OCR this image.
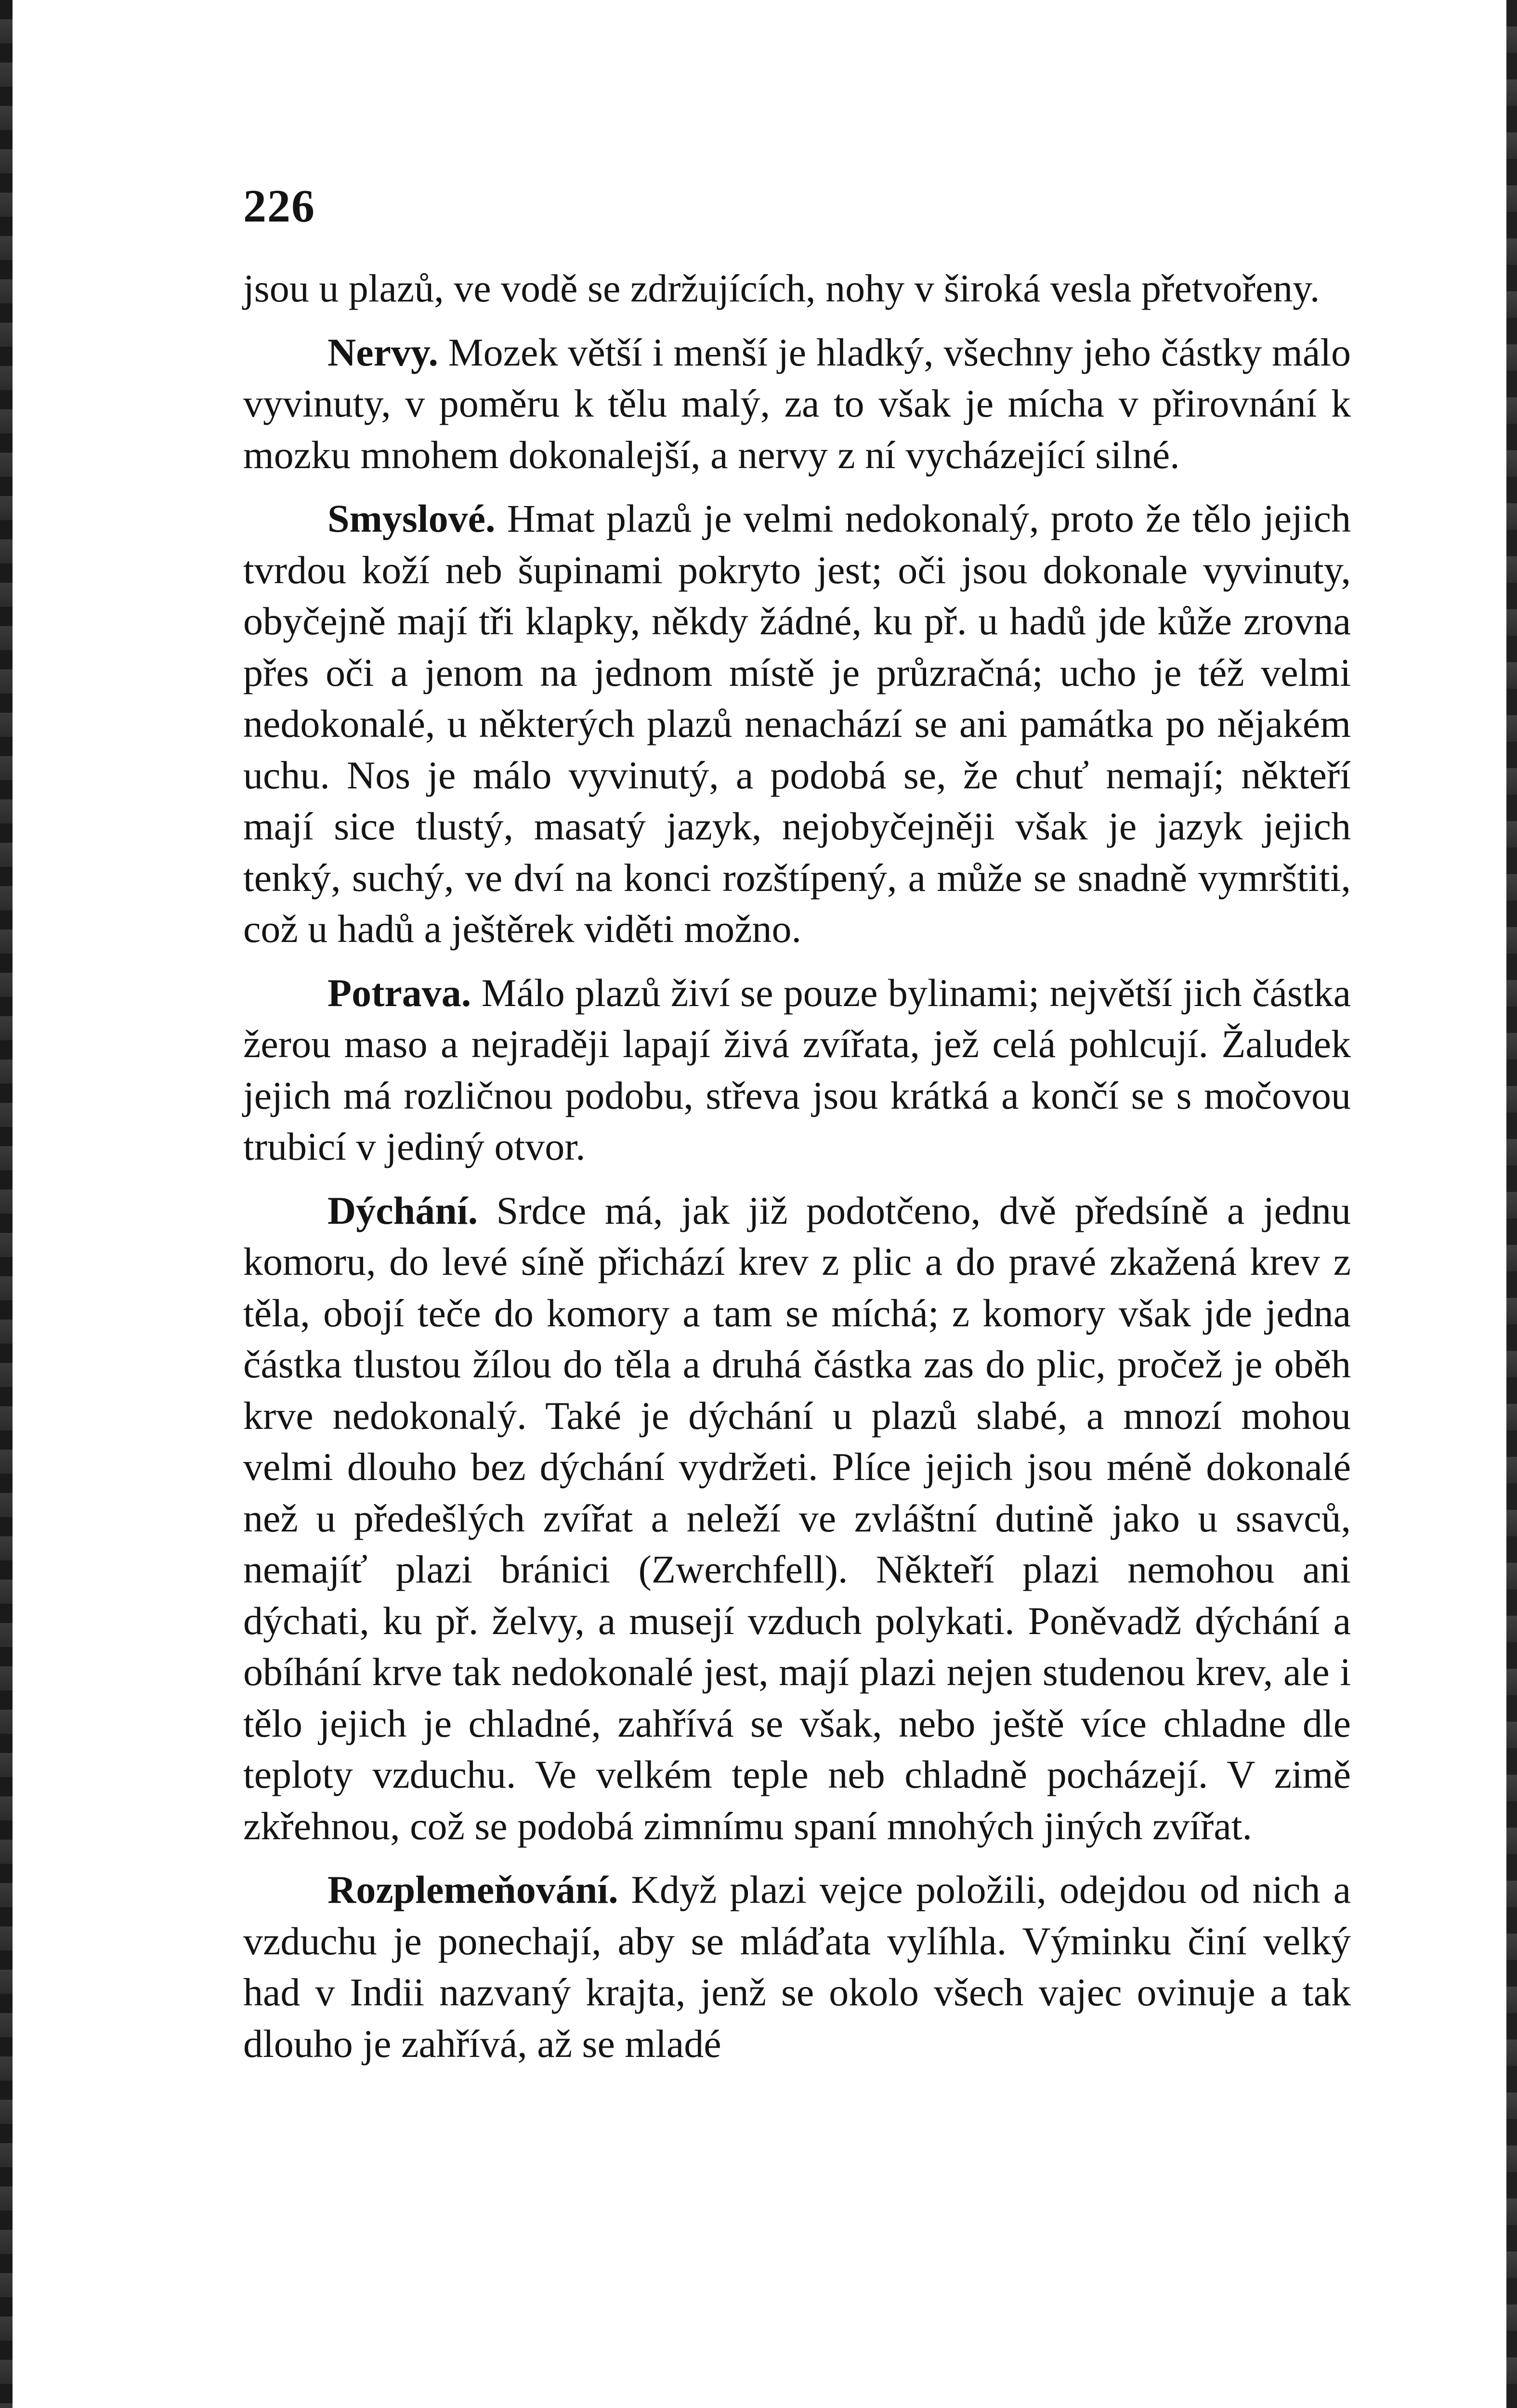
226

jsou u plazů, ve vodě se zdržujících, nohy v široká vesla přetvořeny.

Nervy. Mozek větší i menší je hladký, všechny jeho částky málo vyvinuty, v poměru k tělu malý, za to však je mícha v přirovnání k mozku mnohem dokonalejší, a nervy z ní vycházející silné.

Smyslové. Hmat plazů je velmi nedokonalý, proto že tělo jejich tvrdou koží neb šupinami pokryto jest; oči jsou dokonale vyvinuty, obyčejně mají tři klapky, někdy žádné, ku př. u hadů jde kůže zrovna přes oči a jenom na jednom místě je průzračná; ucho je též velmi nedokonalé, u některých plazů nenachází se ani památka po nějakém uchu. Nos je málo vyvinutý, a podobá se, že chuť nemají; někteří mají sice tlustý, masatý jazyk, nejobyčejněji však je jazyk jejich tenký, suchý, ve dví na konci rozštípený, a může se snadně vymrštiti, což u hadů a ještěrek viděti možno.

Potrava. Málo plazů živí se pouze bylinami; největší jich částka žerou maso a nejraději lapají živá zvířata, jež celá pohlcují. Žaludek jejich má rozličnou podobu, střeva jsou krátká a končí se s močovou trubicí v jediný otvor.

Dýchání. Srdce má, jak již podotčeno, dvě předsíně a jednu komoru, do levé síně přichází krev z plic a do pravé zkažená krev z těla, obojí teče do komory a tam se míchá; z komory však jde jedna částka tlustou žílou do těla a druhá částka zas do plic, pročež je oběh krve nedokonalý. Také je dýchání u plazů slabé, a mnozí mohou velmi dlouho bez dýchání vydržeti. Plíce jejich jsou méně dokonalé než u předešlých zvířat a neleží ve zvláštní dutině jako u ssavců, nemajíť plazi bránici (Zwerchfell). Někteří plazi nemohou ani dýchati, ku př. želvy, a musejí vzduch polykati. Poněvadž dýchání a obíhání krve tak nedokonalé jest, mají plazi nejen studenou krev, ale i tělo jejich je chladné, zahřívá se však, nebo ještě více chladne dle teploty vzduchu. Ve velkém teple neb chladně pocházejí. V zimě zkřehnou, což se podobá zimnímu spaní mnohých jiných zvířat.

Rozplemeňování. Když plazi vejce položili, odejdou od nich a vzduchu je ponechají, aby se mláďata vylíhla. Výminku činí velký had v Indii nazvaný krajta, jenž se okolo všech vajec ovinuje a tak dlouho je zahřívá, až se mladé
